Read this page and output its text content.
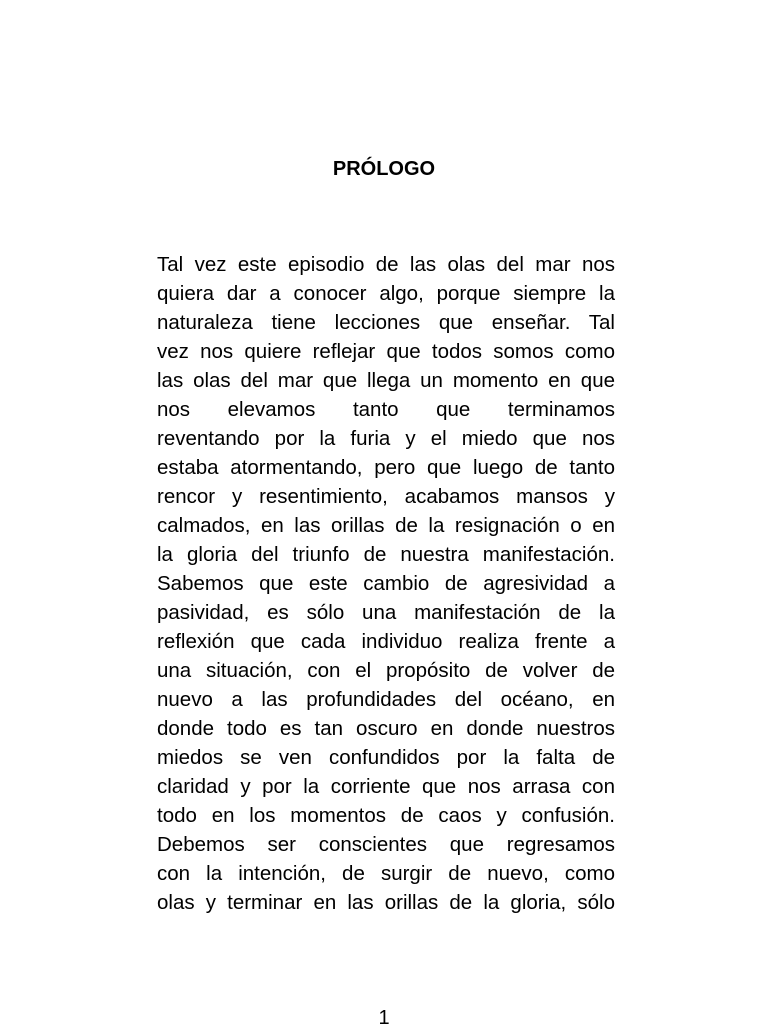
PRÓLOGO
Tal vez este episodio de las olas del mar nos
quiera dar a conocer algo, porque siempre la
naturaleza tiene lecciones que enseñar. Tal
vez nos quiere reflejar que todos somos como
las olas del mar que llega un momento en que
nos elevamos tanto que terminamos
reventando por la furia y el miedo que nos
estaba atormentando, pero que luego de tanto
rencor y resentimiento, acabamos mansos y
calmados, en las orillas de la resignación o en
la gloria del triunfo de nuestra manifestación.
Sabemos que este cambio de agresividad a
pasividad, es sólo una manifestación de la
reflexión que cada individuo realiza frente a
una situación, con el propósito de volver de
nuevo a las profundidades del océano, en
donde todo es tan oscuro en donde nuestros
miedos se ven confundidos por la falta de
claridad y por la corriente que nos arrasa con
todo en los momentos de caos y confusión.
Debemos ser conscientes que regresamos
con la intención, de surgir de nuevo, como
olas y terminar en las orillas de la gloria, sólo
1
